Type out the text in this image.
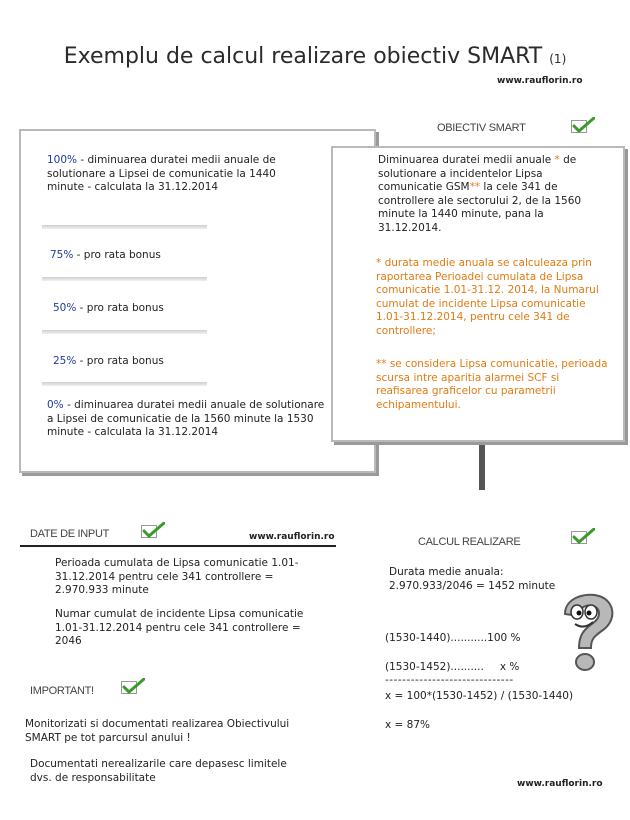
Exemplu de calcul realizare obiectiv SMART (1)
www.rauflorin.ro
OBIECTIV SMART
100% - diminuarea duratei medii anuale de solutionare a Lipsei de comunicatie la 1440 minute - calculata la 31.12.2014
75% - pro rata bonus
50% - pro rata bonus
25% - pro rata bonus
0% - diminuarea duratei medii anuale de solutionare a Lipsei de comunicatie de la 1560 minute la 1530 minute - calculata la 31.12.2014
Diminuarea duratei medii anuale * de solutionare a incidentelor Lipsa comunicatie GSM** la cele 341 de controllere ale sectorului 2, de la 1560 minute la 1440 minute, pana la 31.12.2014.
* durata medie anuala se calculeaza prin raportarea Perioadei cumulata de Lipsa comunicatie 1.01-31.12. 2014, la Numarul cumulat de incidente Lipsa comunicatie 1.01-31.12.2014, pentru cele 341 de controllere;
** se considera Lipsa comunicatie, perioada scursa intre aparitia alarmei SCF si reafisarea graficelor cu parametrii echipamentului.
DATE DE INPUT	www.rauflorin.ro
Perioada cumulata de Lipsa comunicatie 1.01-31.12.2014 pentru cele 341 controllere = 2.970.933 minute
Numar cumulat de incidente Lipsa comunicatie 1.01-31.12.2014 pentru cele 341 controllere = 2046
IMPORTANT!
Monitorizati si documentati realizarea Obiectivului SMART pe tot parcursul anului !
Documentati nerealizarile care depasesc limitele dvs. de responsabilitate
CALCUL REALIZARE
Durata medie anuala:
2.970.933/2046 = 1452 minute
(1530-1440)...........100 %
(1530-1452).......... x %
------------------------------
x = 100*(1530-1452) / (1530-1440)
x = 87%
www.rauflorin.ro
